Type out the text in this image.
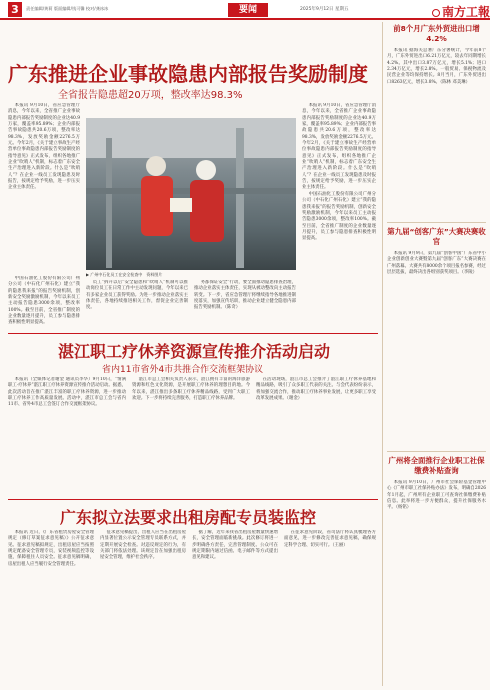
3	责任编辑/黄莉 版面编辑/钱可馨 校对/龚冰冰	要闻	2025年9月12日 星期五	南方工報
广东推进企业事故隐患内部报告奖励制度
全省报告隐患超20万项，整改率达98.3%

本报讯 9月10日，省应急管理厅消息，今年以来，全省推广企业事故隐患内部报告奖励制度的企业达40.9万家，覆盖率95.89%；企业内部报告事故隐患共20.6万项，整改率达98.3%，发放奖励金额2276.5万元。今年2月，《关于建立事故生产经营单位事故隐患内部报告奖励制度的指导意见》正式发布，组织各地推广企业“吹哨人”机制，标志着广东安全生产治理进入新阶段。什么是“吹哨人”？在企业一线员工发现隐患及时报告，按规定给予奖励，进一步压实企业主体责任。

▶ 广州中石化员工在安全检查中　 资料图片

中国石油化工股份有限公司广州分公司（中石化广州石化）建立“我的隐患我来报”的报告奖励机制，创新安全奖励激励机制，今年以来员工主动报告隐患3000余项，整改率100%。截至目前，全省推广制度的企业数量逐月提升，员工参与隐患排查积极性明显提高。

员工“拆开以后”安全隐患和“吹哨人”机制可以推动岗位员工在日常工作中主动发现问题，今年以来已有多家企业员工获得奖励。为进一步推动企业落实主体责任，各地持续推进相关工作，督促企业完善制度。

务都保证安全”行动，要全面推动隐患排查治理，推动企业落实主体责任，实现从被动整改向主动报告转变。下一步，省应急管理厅将继续指导各地推进制度落实，加强宣传培训，推动企业建立健全隐患内部报告奖励机制。（陈奇）

本报讯 9月10日，省应急管理厅消息，今年以来，全省推广企业事故隐患内部报告奖励制度的企业达40.9万家，覆盖率95.89%；企业内部报告事故隐患共20.6万项，整改率达98.3%，发放奖励金额2276.5万元。今年2月，《关于建立事故生产经营单位事故隐患内部报告奖励制度的指导意见》正式发布，组织各地推广企业“吹哨人”机制，标志着广东安全生产治理进入新阶段。什么是“吹哨人”？在企业一线员工发现隐患及时报告，按规定给予奖励，进一步压实企业主体责任。

中国石油化工股份有限公司广州分公司（中石化广州石化）建立“我的隐患我来报”的报告奖励机制，创新安全奖励激励机制，今年以来员工主动报告隐患3000余项，整改率100%。截至目前，全省推广制度的企业数量逐月提升，员工参与隐患排查积极性明显提高。

湛江职工疗休养资源宣传推介活动启动
省内11市省外4市共推合作交流框架协议

本报讯（全媒体记者谢金 通讯员李华）9月10日，“情满职工·疗休养”湛江职工疗休养资源宣传推介活动启动。据悉，此次活动旨在推广湛江丰富的职工疗休养资源，进一步推动职工疗休养工作高质量发展。活动中，湛江市总工会与省内11市、省外4市总工会签订合作交流框架协议。

湛江市总工会相关负责人表示，湛江拥有丰富的海洋旅游资源和红色文化资源，是开展职工疗休养的理想目的地。今年以来，湛江推出多条职工疗休养精品线路，受到广大职工欢迎。下一步将持续完善服务，打造职工疗休养品牌。

在活动现场，湛江市总工会推介了湛江职工疗休养基地和精品线路，吸引了众多职工代表的关注。与会代表纷纷表示，将加强交流合作，推动职工疗休养事业发展，让更多职工享受改革发展成果。（谢金）

广东拟立法要求出租房配专员装监控

本报讯 近日，《广东省租赁房屋安全管理规定（修订草案征求意见稿）》公开征求意见。征求意见稿拟规定，出租房屋应当按照规定配备安全管理专员，安装视频监控等设施，保障租住人员安全。征求意见稿明确，房屋出租人应当履行安全管理责任。

征求意见稿提出，出租人应当在出租房屋内显著位置公示安全管理专员联系方式，并定期开展安全检查。对违反规定的行为，有关部门将依法处理。该规定旨在加强出租房屋安全管理，维护社会秩序。

据了解，近年来我省出租房屋数量快速增长，安全管理面临新挑战。此次修订将进一步明确各方责任，完善管理制度。公众可在规定期限内通过信函、电子邮件等方式提出意见和建议。

在征求意见阶段，省司法厅将认真梳理各方面意见，进一步修改完善征求意见稿，确保规定科学合理、切实可行。（王丽）

前8个月广东外贸进出口增4.2%

本报讯 据海关总署广东分署统计，今年前8个月，广东外贸进出口6.21万亿元，较去年同期增长4.2%。其中出口3.87万亿元，增长5.1%；进口2.34万亿元，增长2.8%。一般贸易、保税物流及民营企业等均保持增长。8月当月，广东外贸进出口8263亿元，增长3.8%。（陈林 邓美琳）

第九届“创客广东”大赛决赛收官

本报讯 9月9日，第九届“创客中国”广东省中小企业创新创业大赛暨第九届“创客广东”大赛决赛在广州落幕。大赛共有8000余个项目报名参赛，经过层层选拔，最终决出各组别获奖项目。（李陵）

广州将全面推行企业职工社保缴费补贴查询

本报讯 9月10日，广州市社会保险基金管理中心《广州市职工社保补贴办法》发布，明确自2026年1月起，广州所有企业职工可查询社保缴费补贴信息。此举将进一步方便群众，提升社保服务水平。（杨铭）
